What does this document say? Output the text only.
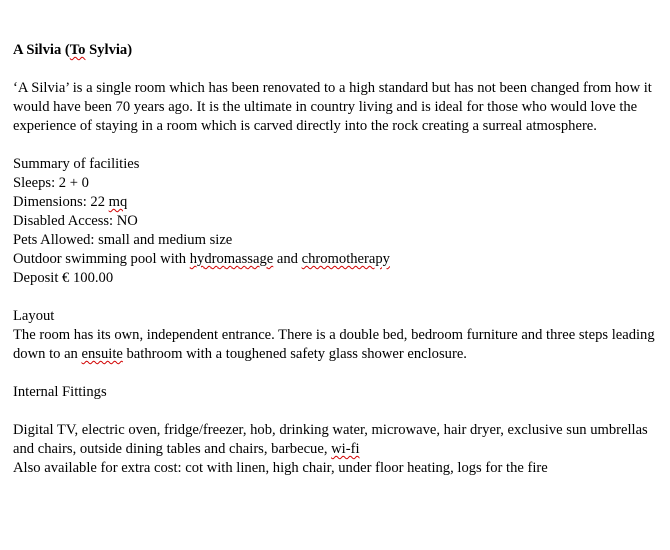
A Silvia (To Sylvia)
‘A Silvia’ is a single room which has been renovated to a high standard but has not been changed from how it would have been 70 years ago. It is the ultimate in country living and is ideal for those who would love the experience of staying in a room which is carved directly into the rock creating a surreal atmosphere.
Summary of facilities
Sleeps: 2 + 0
Dimensions: 22 mq
Disabled Access: NO
Pets Allowed: small and medium size
Outdoor swimming pool with hydromassage and chromotherapy
Deposit € 100.00
Layout
The room has its own, independent entrance. There is a double bed, bedroom furniture and three steps leading down to an ensuite bathroom with a toughened safety glass shower enclosure.
Internal Fittings
Digital TV, electric oven, fridge/freezer, hob, drinking water, microwave, hair dryer, exclusive sun umbrellas and chairs, outside dining tables and chairs, barbecue, wi-fi
Also available for extra cost: cot with linen, high chair, under floor heating, logs for the fire
